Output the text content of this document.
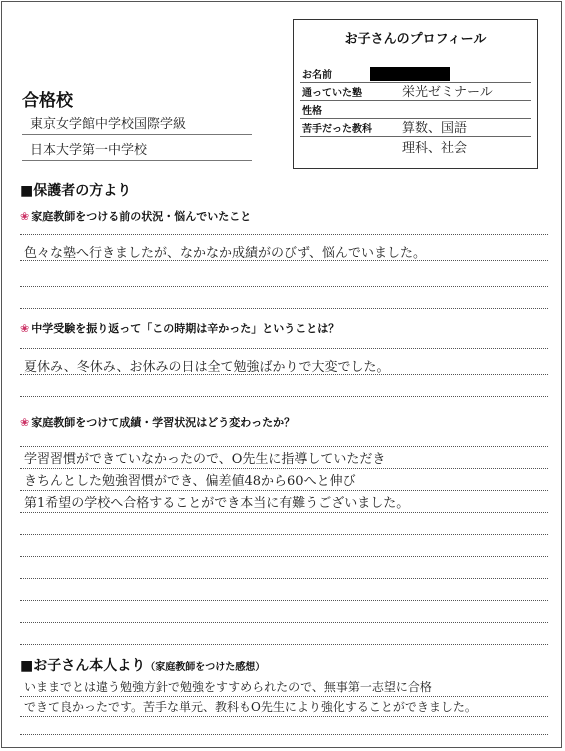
お子さんのプロフィール
お名前
通っていた塾	栄光ゼミナール
性格
苦手だった教科 算数、国語
理科、社会
合格校
東京女学館中学校国際学級
日本大学第一中学校
■保護者の方より
❀ 家庭教師をつける前の状況・悩んでいたこと
色々な塾へ行きましたが、なかなか成績がのびず、悩んでいました。
❀ 中学受験を振り返って「この時期は辛かった」ということは？
夏休み、冬休み、お休みの日は全て勉強ばかりで大変でした。
❀ 家庭教師をつけて成績・学習状況はどう変わったか？
学習習慣ができていなかったので、O先生に指導していただき
きちんとした勉強習慣ができ、偏差値48から60へと伸び
第1希望の学校へ合格することができ本当に有難うございました。
■お子さん本人より（家庭教師をつけた感想）
いままでとは違う勉強方針で勉強をすすめられたので、無事第一志望に合格
できて良かったです。苦手な単元、教科もO先生により強化することができました。
